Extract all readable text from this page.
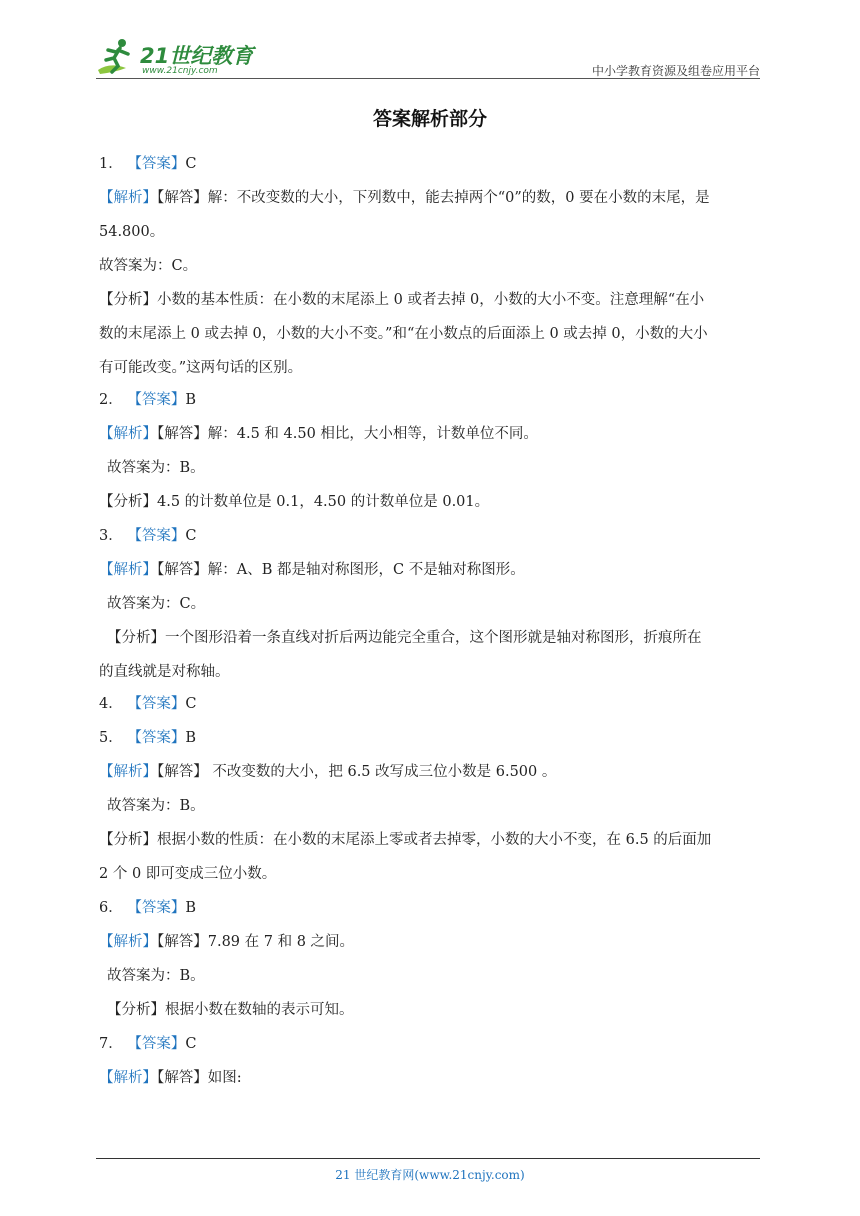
21世纪教育
www.21cnjy.com	中小学教育资源及组卷应用平台
答案解析部分
1． 【答案】C
【解析】【解答】解：不改变数的大小，下列数中，能去掉两个“0”的数，0 要在小数的末尾，是
54.800。
故答案为：C。
【分析】小数的基本性质：在小数的末尾添上 0 或者去掉 0，小数的大小不变。注意理解“在小
数的末尾添上 0 或去掉 0，小数的大小不变。”和“在小数点的后面添上 0 或去掉 0，小数的大小
有可能改变。”这两句话的区别。
2． 【答案】B
【解析】【解答】解：4.5 和 4.50 相比，大小相等，计数单位不同。
故答案为：B。
【分析】4.5 的计数单位是 0.1，4.50 的计数单位是 0.01。
3． 【答案】C
【解析】【解答】解：A、B 都是轴对称图形，C 不是轴对称图形。
故答案为：C。
【分析】一个图形沿着一条直线对折后两边能完全重合，这个图形就是轴对称图形，折痕所在
的直线就是对称轴。
4． 【答案】C
5． 【答案】B
【解析】【解答】 不改变数的大小，把 6.5 改写成三位小数是 6.500 。
故答案为：B。
【分析】根据小数的性质：在小数的末尾添上零或者去掉零，小数的大小不变，在 6.5 的后面加
2 个 0 即可变成三位小数。
6． 【答案】B
【解析】【解答】7.89 在 7 和 8 之间。
故答案为：B。
【分析】根据小数在数轴的表示可知。
7． 【答案】C
【解析】【解答】如图:
21 世纪教育网(www.21cnjy.com)
